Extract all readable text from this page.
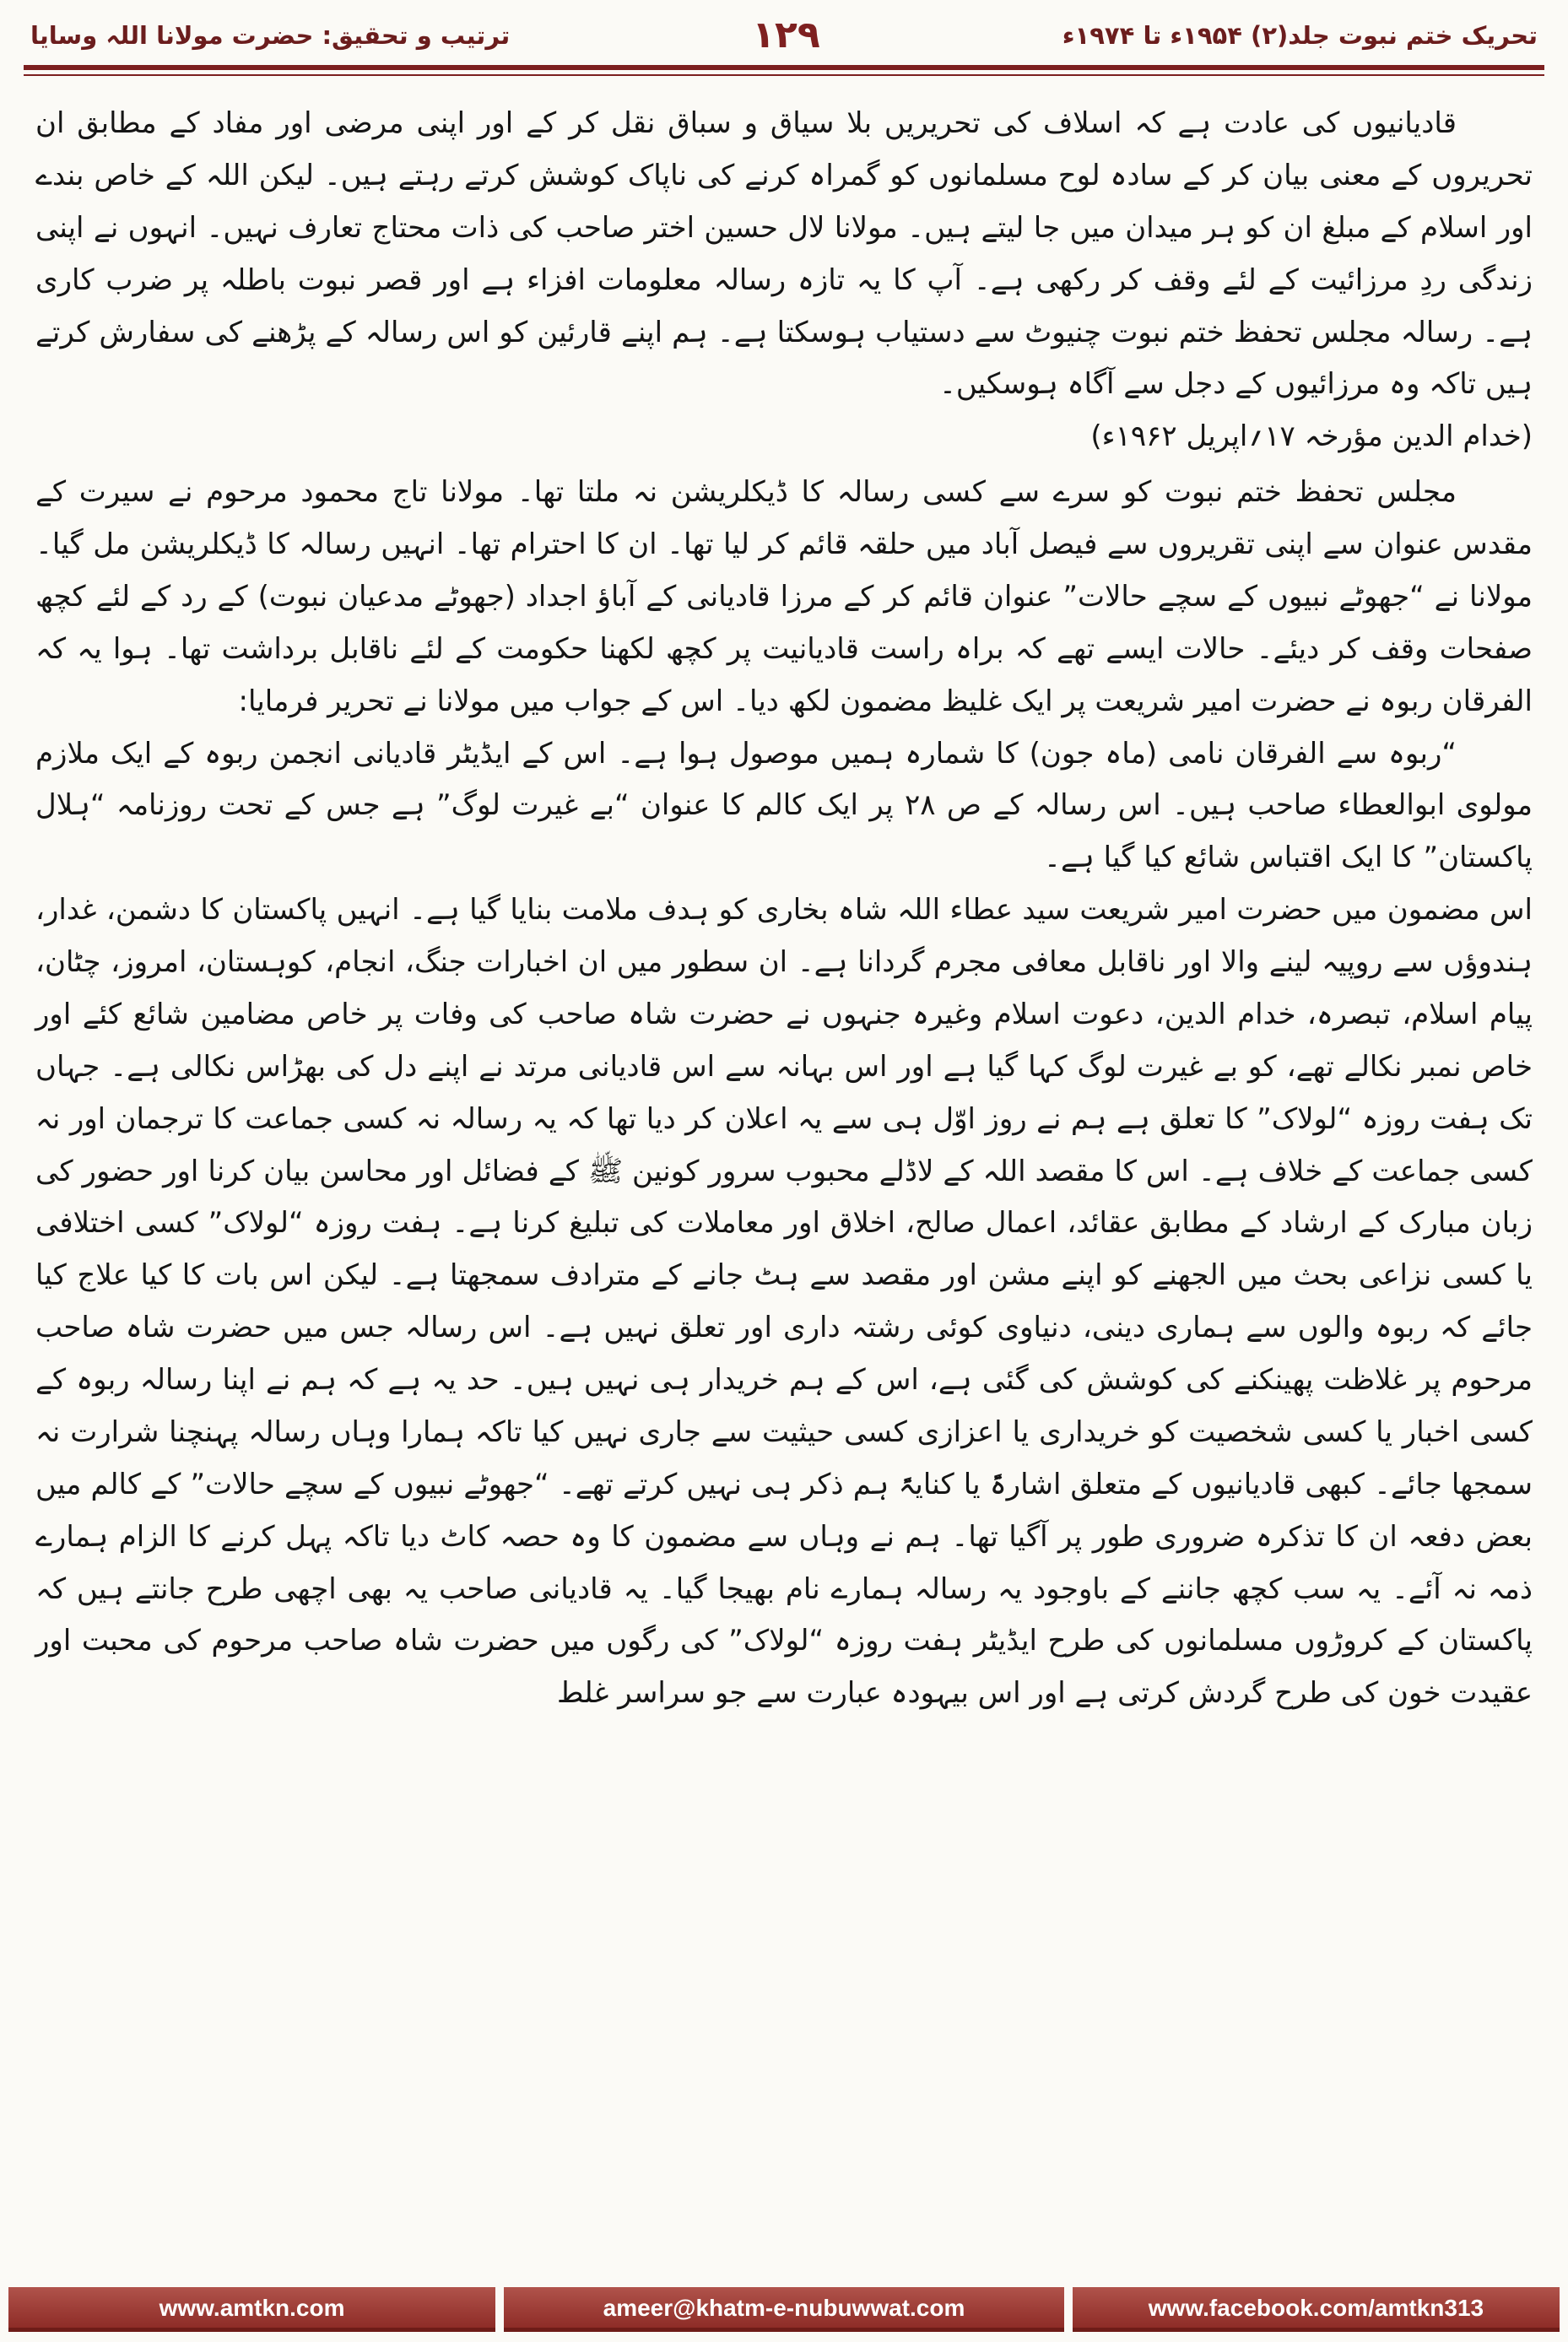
تحریک ختم نبوت جلد(۲) ۱۹۵۴ء تا ۱۹۷۴ء
۱۲۹
ترتیب و تحقیق: حضرت مولانا اللہ وسایا

قادیانیوں کی عادت ہے کہ اسلاف کی تحریریں بلا سیاق و سباق نقل کر کے اور اپنی مرضی اور مفاد کے مطابق ان تحریروں کے معنی بیان کر کے سادہ لوح مسلمانوں کو گمراہ کرنے کی ناپاک کوشش کرتے رہتے ہیں۔ لیکن اللہ کے خاص بندے اور اسلام کے مبلغ ان کو ہر میدان میں جا لیتے ہیں۔ مولانا لال حسین اختر صاحب کی ذات محتاج تعارف نہیں۔ انہوں نے اپنی زندگی ردِ مرزائیت کے لئے وقف کر رکھی ہے۔ آپ کا یہ تازہ رسالہ معلومات افزاء ہے اور قصر نبوت باطلہ پر ضرب کاری ہے۔ رسالہ مجلس تحفظ ختم نبوت چنیوٹ سے دستیاب ہوسکتا ہے۔ ہم اپنے قارئین کو اس رسالہ کے پڑھنے کی سفارش کرتے ہیں تاکہ وہ مرزائیوں کے دجل سے آگاہ ہوسکیں۔

(خدام الدین مؤرخہ ۱۷؍اپریل ۱۹۶۲ء)

مجلس تحفظ ختم نبوت کو سرے سے کسی رسالہ کا ڈیکلریشن نہ ملتا تھا۔ مولانا تاج محمود مرحوم نے سیرت کے مقدس عنوان سے اپنی تقریروں سے فیصل آباد میں حلقہ قائم کر لیا تھا۔ ان کا احترام تھا۔ انہیں رسالہ کا ڈیکلریشن مل گیا۔ مولانا نے “جھوٹے نبیوں کے سچے حالات” عنوان قائم کر کے مرزا قادیانی کے آباؤ اجداد (جھوٹے مدعیان نبوت) کے رد کے لئے کچھ صفحات وقف کر دیئے۔ حالات ایسے تھے کہ براہ راست قادیانیت پر کچھ لکھنا حکومت کے لئے ناقابل برداشت تھا۔ ہوا یہ کہ الفرقان ربوہ نے حضرت امیر شریعت پر ایک غلیظ مضمون لکھ دیا۔ اس کے جواب میں مولانا نے تحریر فرمایا:

“ربوہ سے الفرقان نامی (ماہ جون) کا شمارہ ہمیں موصول ہوا ہے۔ اس کے ایڈیٹر قادیانی انجمن ربوہ کے ایک ملازم مولوی ابوالعطاء صاحب ہیں۔ اس رسالہ کے ص ۲۸ پر ایک کالم کا عنوان “بے غیرت لوگ” ہے جس کے تحت روزنامہ “ہلال پاکستان” کا ایک اقتباس شائع کیا گیا ہے۔

اس مضمون میں حضرت امیر شریعت سید عطاء اللہ شاہ بخاری کو ہدف ملامت بنایا گیا ہے۔ انہیں پاکستان کا دشمن، غدار، ہندوؤں سے روپیہ لینے والا اور ناقابل معافی مجرم گردانا ہے۔ ان سطور میں ان اخبارات جنگ، انجام، کوہستان، امروز، چٹان، پیام اسلام، تبصرہ، خدام الدین، دعوت اسلام وغیرہ جنہوں نے حضرت شاہ صاحب کی وفات پر خاص مضامین شائع کئے اور خاص نمبر نکالے تھے، کو بے غیرت لوگ کہا گیا ہے اور اس بہانہ سے اس قادیانی مرتد نے اپنے دل کی بھڑاس نکالی ہے۔ جہاں تک ہفت روزہ “لولاک” کا تعلق ہے ہم نے روز اوّل ہی سے یہ اعلان کر دیا تھا کہ یہ رسالہ نہ کسی جماعت کا ترجمان اور نہ کسی جماعت کے خلاف ہے۔ اس کا مقصد اللہ کے لاڈلے محبوب سرور کونین ﷺ کے فضائل اور محاسن بیان کرنا اور حضور کی زبان مبارک کے ارشاد کے مطابق عقائد، اعمال صالح، اخلاق اور معاملات کی تبلیغ کرنا ہے۔ ہفت روزہ “لولاک” کسی اختلافی یا کسی نزاعی بحث میں الجھنے کو اپنے مشن اور مقصد سے ہٹ جانے کے مترادف سمجھتا ہے۔ لیکن اس بات کا کیا علاج کیا جائے کہ ربوہ والوں سے ہماری دینی، دنیاوی کوئی رشتہ داری اور تعلق نہیں ہے۔ اس رسالہ جس میں حضرت شاہ صاحب مرحوم پر غلاظت پھینکنے کی کوشش کی گئی ہے، اس کے ہم خریدار ہی نہیں ہیں۔ حد یہ ہے کہ ہم نے اپنا رسالہ ربوہ کے کسی اخبار یا کسی شخصیت کو خریداری یا اعزازی کسی حیثیت سے جاری نہیں کیا تاکہ ہمارا وہاں رسالہ پہنچنا شرارت نہ سمجھا جائے۔ کبھی قادیانیوں کے متعلق اشارۃً یا کنایۃً ہم ذکر ہی نہیں کرتے تھے۔ “جھوٹے نبیوں کے سچے حالات” کے کالم میں بعض دفعہ ان کا تذکرہ ضروری طور پر آگیا تھا۔ ہم نے وہاں سے مضمون کا وہ حصہ کاٹ دیا تاکہ پہل کرنے کا الزام ہمارے ذمہ نہ آئے۔ یہ سب کچھ جاننے کے باوجود یہ رسالہ ہمارے نام بھیجا گیا۔ یہ قادیانی صاحب یہ بھی اچھی طرح جانتے ہیں کہ پاکستان کے کروڑوں مسلمانوں کی طرح ایڈیٹر ہفت روزہ “لولاک” کی رگوں میں حضرت شاہ صاحب مرحوم کی محبت اور عقیدت خون کی طرح گردش کرتی ہے اور اس بیہودہ عبارت سے جو سراسر غلط

www.amtkn.com	ameer@khatm-e-nubuwwat.com	www.facebook.com/amtkn313
